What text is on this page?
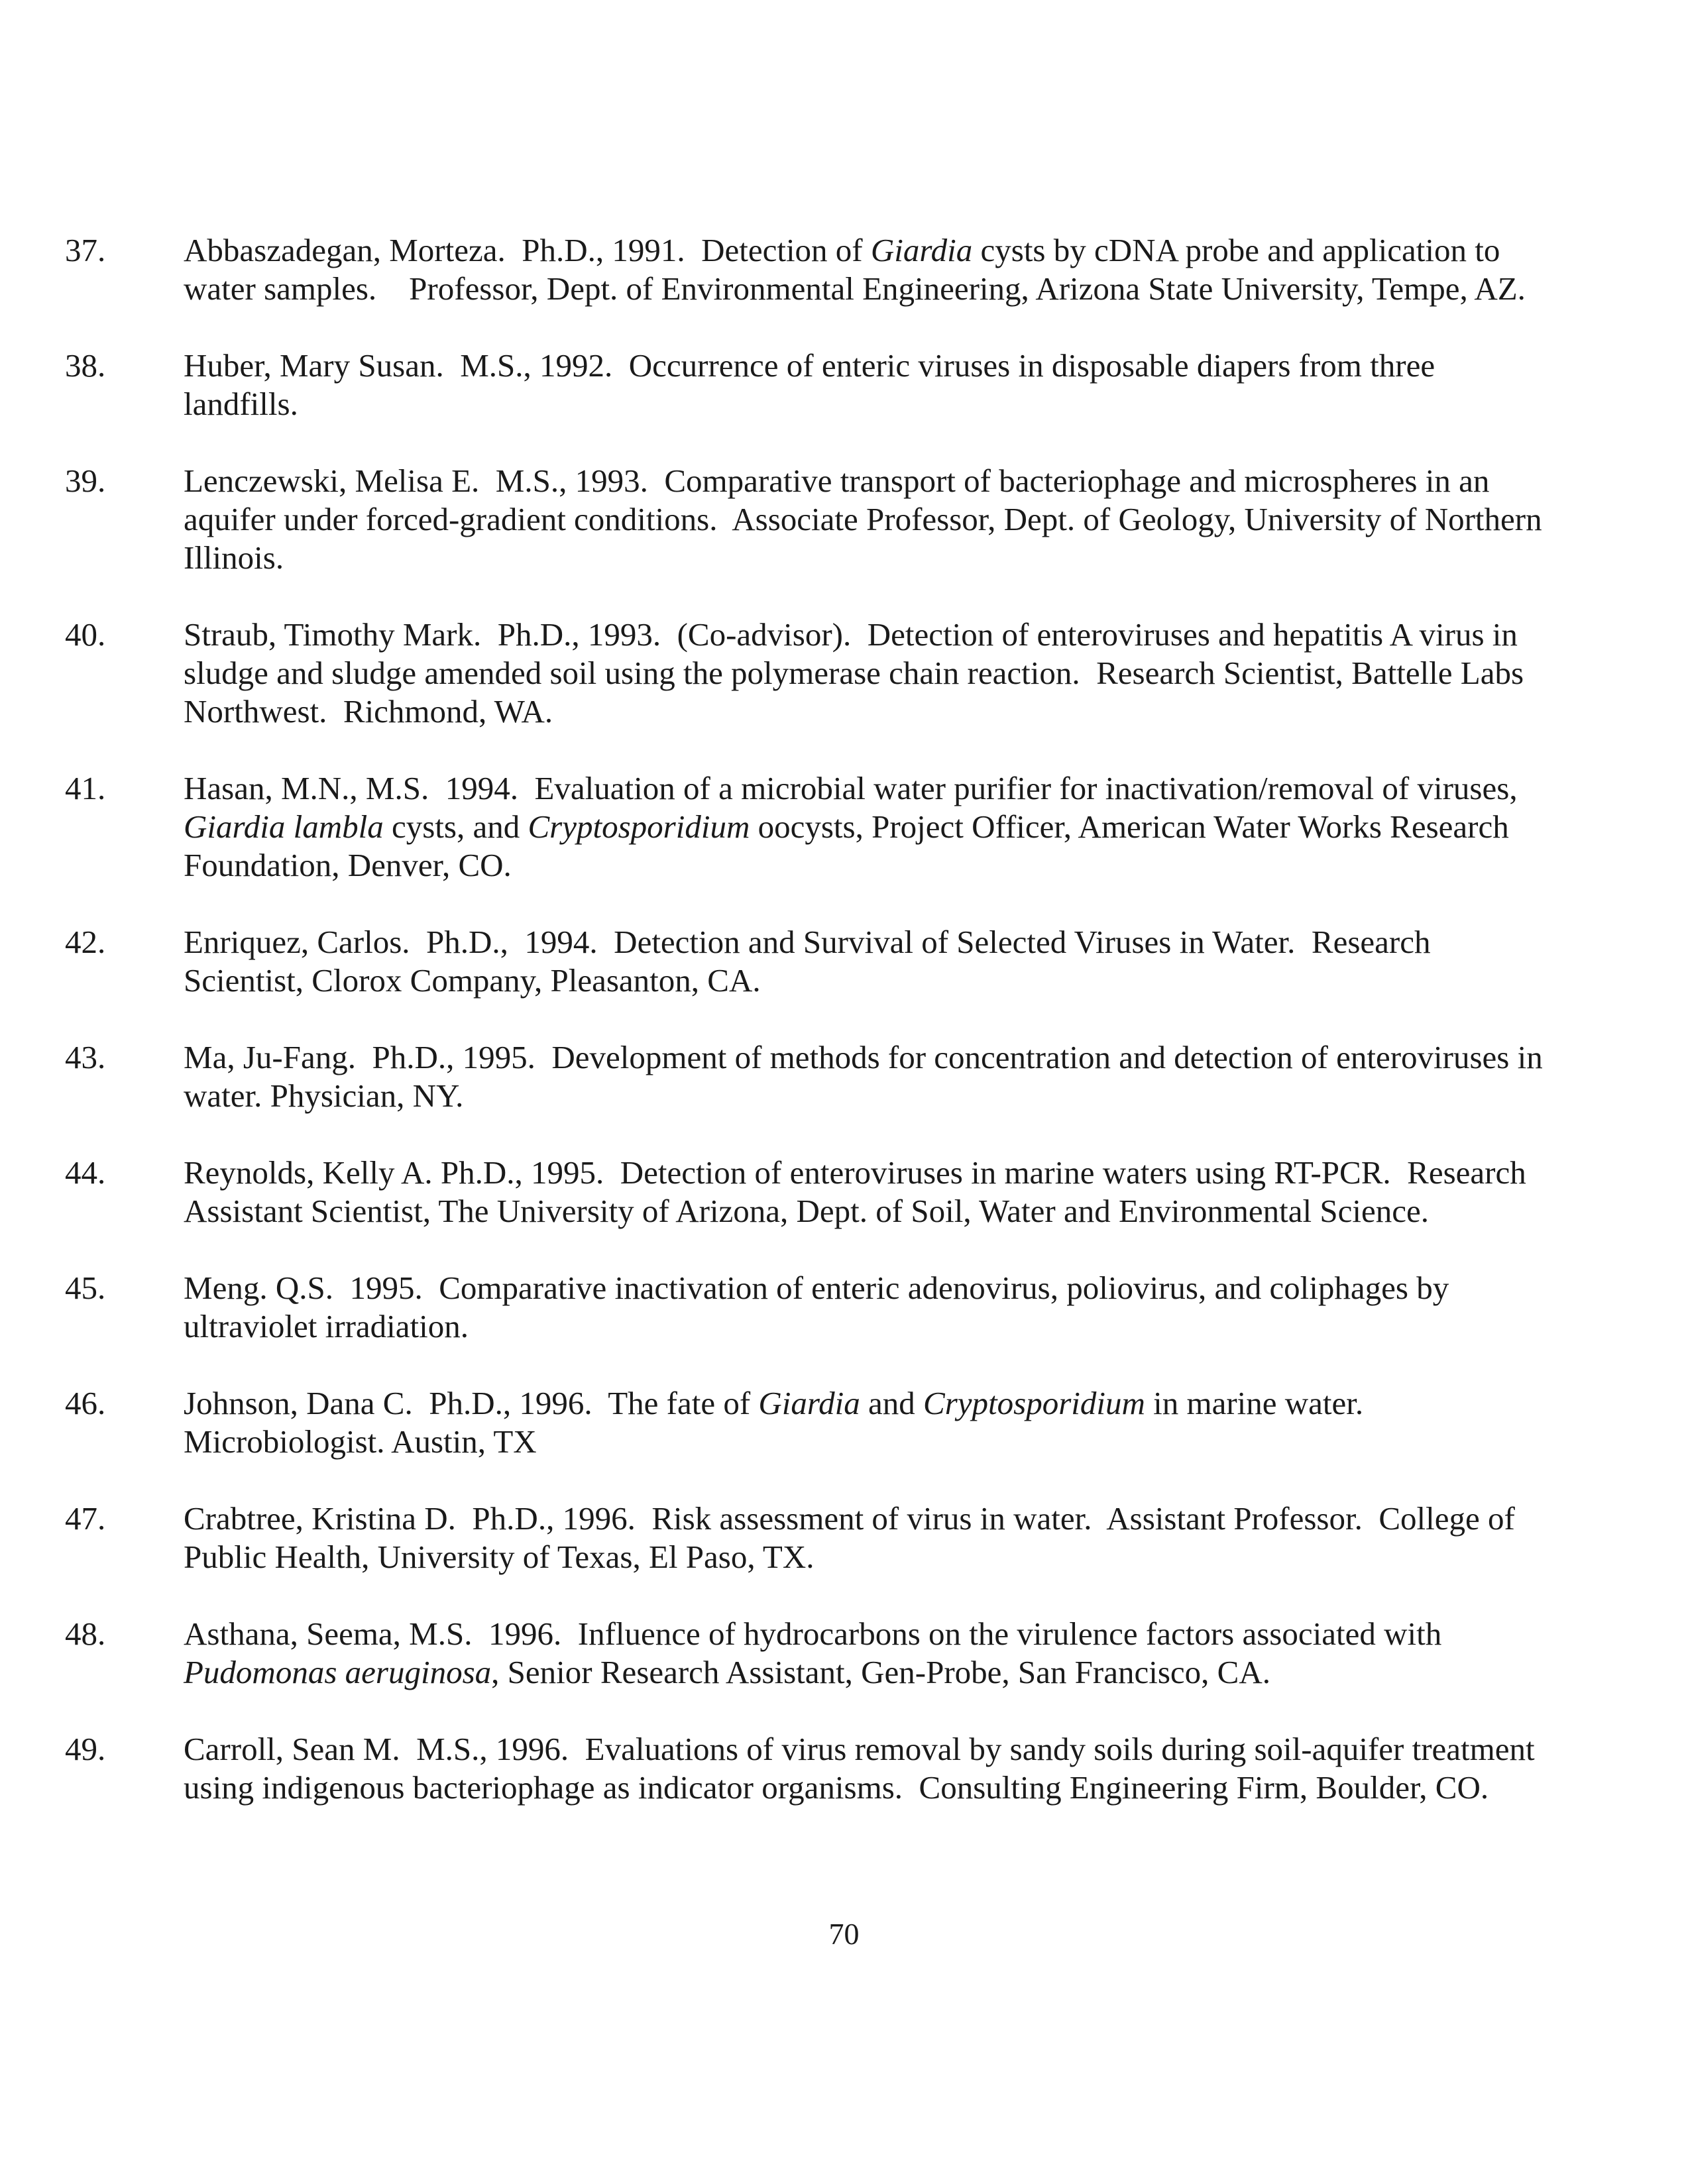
37. Abbaszadegan, Morteza.  Ph.D., 1991.  Detection of Giardia cysts by cDNA probe and application to
water samples.    Professor, Dept. of Environmental Engineering, Arizona State University, Tempe, AZ.
38. Huber, Mary Susan.  M.S., 1992.  Occurrence of enteric viruses in disposable diapers from three
landfills.
39. Lenczewski, Melisa E.  M.S., 1993.  Comparative transport of bacteriophage and microspheres in an
aquifer under forced-gradient conditions.  Associate Professor, Dept. of Geology, University of Northern
Illinois.
40. Straub, Timothy Mark.  Ph.D., 1993.  (Co-advisor).  Detection of enteroviruses and hepatitis A virus in
sludge and sludge amended soil using the polymerase chain reaction.  Research Scientist, Battelle Labs
Northwest.  Richmond, WA.
41. Hasan, M.N., M.S.  1994.  Evaluation of a microbial water purifier for inactivation/removal of viruses,
Giardia lambla cysts, and Cryptosporidium oocysts, Project Officer, American Water Works Research
Foundation, Denver, CO.
42. Enriquez, Carlos.  Ph.D.,  1994.  Detection and Survival of Selected Viruses in Water.  Research
Scientist, Clorox Company, Pleasanton, CA.
43. Ma, Ju-Fang.  Ph.D., 1995.  Development of methods for concentration and detection of enteroviruses in
water. Physician, NY.
44. Reynolds, Kelly A. Ph.D., 1995.  Detection of enteroviruses in marine waters using RT-PCR.  Research
Assistant Scientist, The University of Arizona, Dept. of Soil, Water and Environmental Science.
45. Meng. Q.S.  1995.  Comparative inactivation of enteric adenovirus, poliovirus, and coliphages by
ultraviolet irradiation.
46. Johnson, Dana C.  Ph.D., 1996.  The fate of Giardia and Cryptosporidium in marine water.
Microbiologist. Austin, TX
47. Crabtree, Kristina D.  Ph.D., 1996.  Risk assessment of virus in water.  Assistant Professor.  College of
Public Health, University of Texas, El Paso, TX.
48. Asthana, Seema, M.S.  1996.  Influence of hydrocarbons on the virulence factors associated with
Pudomonas aeruginosa, Senior Research Assistant, Gen-Probe, San Francisco, CA.
49. Carroll, Sean M.  M.S., 1996.  Evaluations of virus removal by sandy soils during soil-aquifer treatment
using indigenous bacteriophage as indicator organisms.  Consulting Engineering Firm, Boulder, CO.
70
